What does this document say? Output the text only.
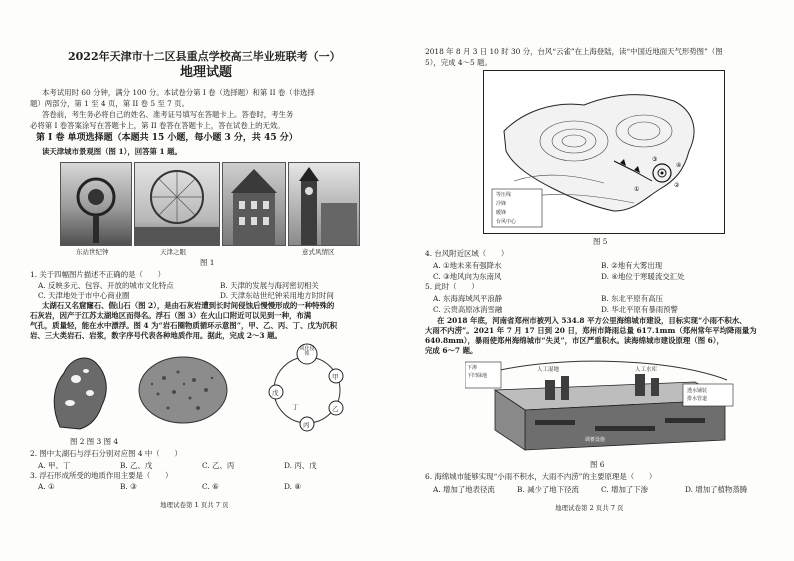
2022年天津市十二区县重点学校高三毕业班联考（一）
地理试题
本考试用时 60 分钟，满分 100 分。本试卷分第 I 卷（选择题）和第 II 卷（非选择
题）两部分，第 1 至 4 页，第 II 卷 5 至 7 页。
答卷前，考生务必将自己的姓名、准考证号填写在答题卡上。答卷时，考生务
必将第 I 卷答案涂写在答题卡上，第 II 卷答在答题卡上，答在试卷上的无效。
第 I 卷 单项选择题（本题共 15 小题，每小题 3 分，共 45 分）
读天津城市景观图（图 1），回答第 1 题。
东站世纪钟	天津之眼	意式风情区
图 1
1. 关于四幅图片描述不正确的是（　　）
A. 反映多元、包容、开放的城市文化特点	B. 天津的发展与海河密切相关
C. 天津地处于市中心商业圈	D. 天津东站世纪钟采用地方时时间
太湖石又名窟窿石、假山石（图 2），是由石灰岩遭到长时间侵蚀后慢慢形成的一种特殊的
石灰岩，因产于江苏太湖地区而得名。浮石（图 3）在火山口附近可以见到一种，布满
气孔，质量轻，能在水中漂浮。图 4 为“岩石圈物质循环示意图”，甲、乙、丙、丁、戊为沉积
岩、三大类岩石、岩浆，数字序号代表各种地质作用。据此，完成 2～3 题。
风化侵蚀
甲
乙
丙
戊
丁
图 2 图 3 图 4
2. 图中太湖石与浮石分别对应图 4 中（　　）
A. 甲、丁	B. 乙、戊	C. 乙、丙	D. 丙、戊
3. 浮石形成所受的地质作用主要是（　　）
A. ①	B. ③	C. ⑥	D. ⑧
地理试卷第 1 页共 7 页
2018 年 8 月 3 日 10 时 30 分，台风“云雀”在上海登陆，读“中国近地面天气形势图”（图
5），完成 4～5 题。
①
②
③
④
等压线
冷锋
暖锋
台风中心
图 5
4. 台风附近区域（　　）
A. ①地未来有强降水	B. ②地有大雾出现
C. ③地风向为东南风	D. ④地位于寒暖流交汇处
5. 此时（　　）
A. 东海海域风平浪静	B. 东北平原有高压
C. 云贵高原冰消雪融	D. 华北平原有暴雨预警
在 2018 年底，河南省郑州市被列入 534.8 平方公里海绵城市建设，目标实现“小雨不积水、
大雨不内涝”。2021 年 7 月 17 日到 20 日，郑州市降雨总量 617.1mm（郑州常年平均降雨量为
640.8mm），暴雨使郑州海绵城市“失灵”，市区严重积水。读海绵城市建设原理（图 6），
完成 6～7 题。
人工湿地
下渗
下凹绿地
人工水库
透水铺装
排水管道
调蓄设施
图 6
6. 海绵城市能够实现“小雨不积水，大雨不内涝”的主要原理是（　　）
A. 增加了地表径流	B. 减少了地下径流	C. 增加了下渗	D. 增加了植物蒸腾
地理试卷第 2 页共 7 页
